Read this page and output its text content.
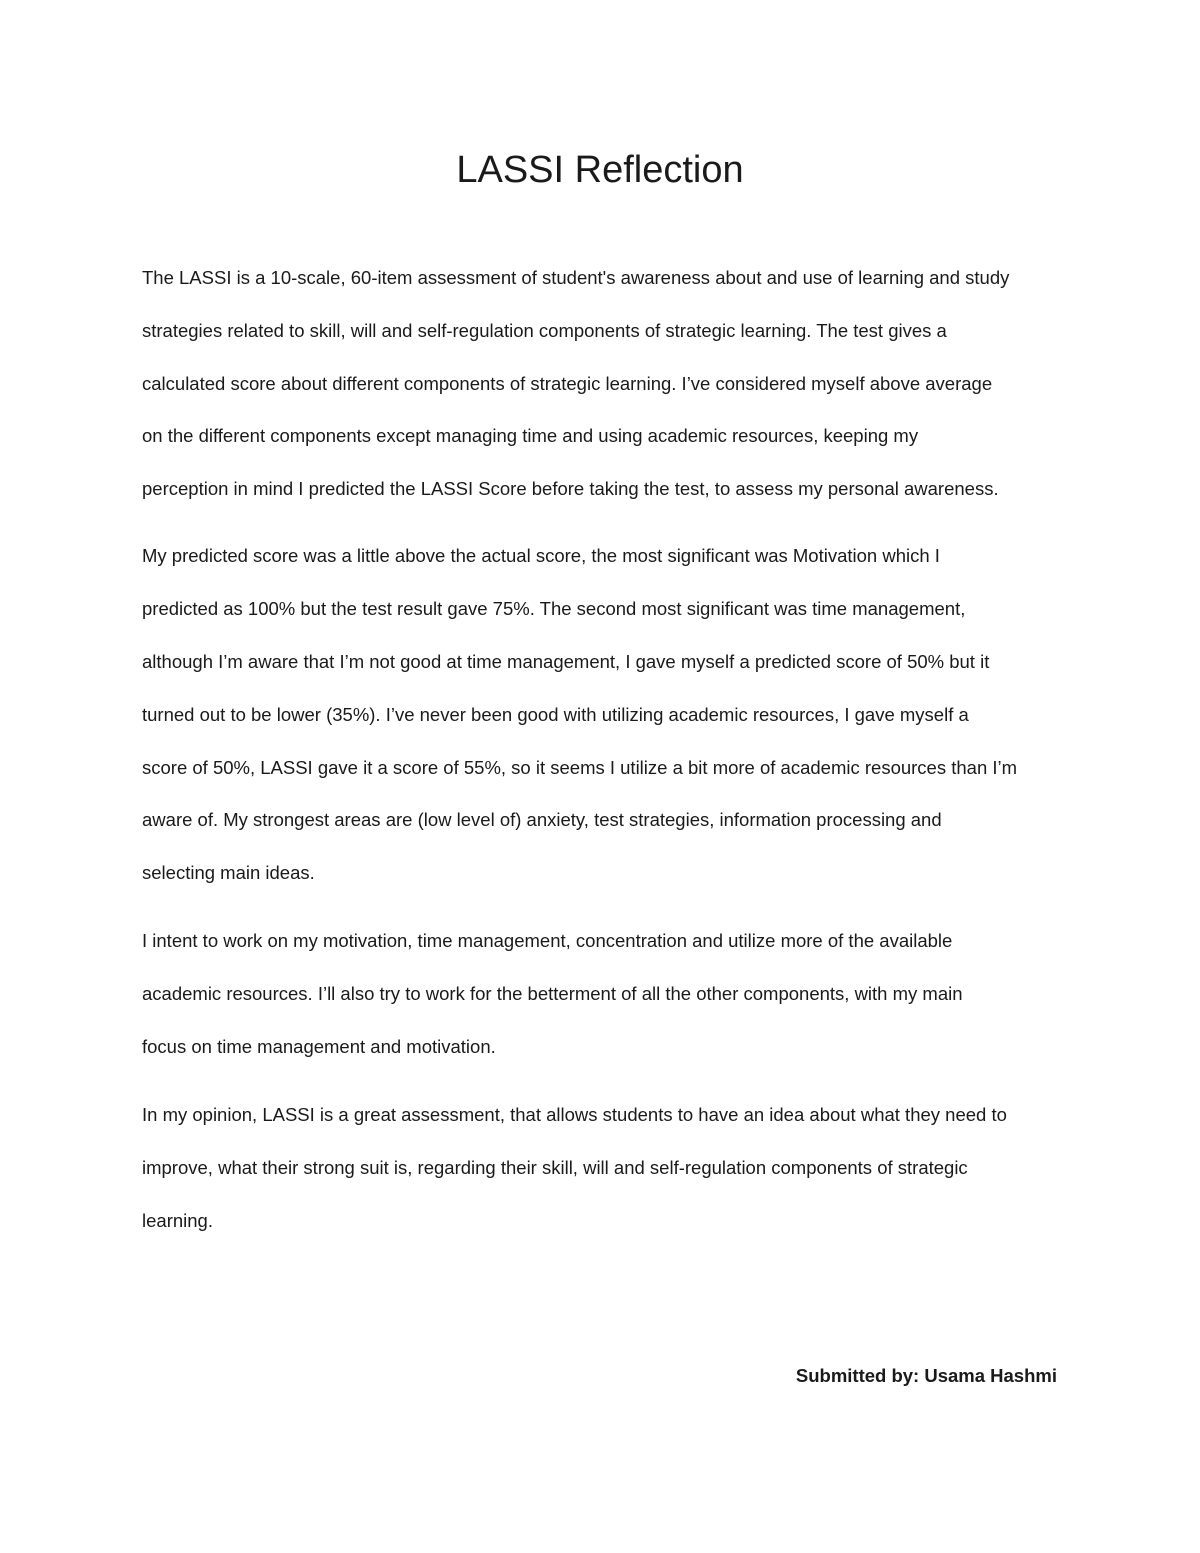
LASSI Reflection

The LASSI is a 10-scale, 60-item assessment of student's awareness about and use of learning and study

strategies related to skill, will and self-regulation components of strategic learning. The test gives a

calculated score about different components of strategic learning. I’ve considered myself above average

on the different components except managing time and using academic resources, keeping my

perception in mind I predicted the LASSI Score before taking the test, to assess my personal awareness.

My predicted score was a little above the actual score, the most significant was Motivation which I

predicted as 100% but the test result gave 75%. The second most significant was time management,

although I’m aware that I’m not good at time management, I gave myself a predicted score of 50% but it

turned out to be lower (35%). I’ve never been good with utilizing academic resources, I gave myself a

score of 50%, LASSI gave it a score of 55%, so it seems I utilize a bit more of academic resources than I’m

aware of. My strongest areas are (low level of) anxiety, test strategies, information processing and

selecting main ideas.

I intent to work on my motivation, time management, concentration and utilize more of the available

academic resources. I’ll also try to work for the betterment of all the other components, with my main

focus on time management and motivation.

In my opinion, LASSI is a great assessment, that allows students to have an idea about what they need to

improve, what their strong suit is, regarding their skill, will and self-regulation components of strategic

learning.

Submitted by: Usama Hashmi
